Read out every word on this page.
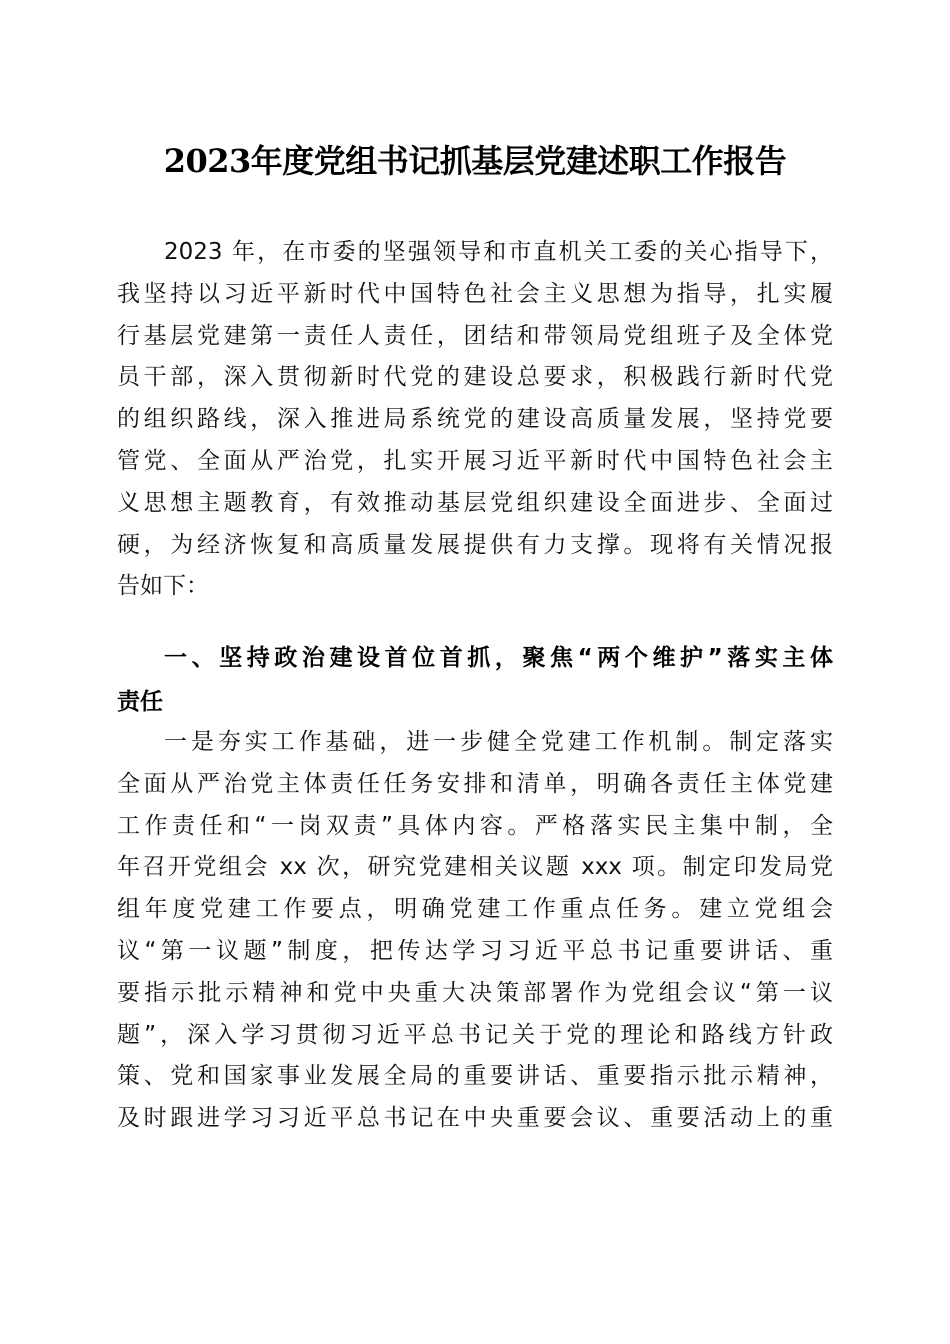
2023年度党组书记抓基层党建述职工作报告
2023 年，在市委的坚强领导和市直机关工委的关心指导下，
我坚持以习近平新时代中国特色社会主义思想为指导，扎实履
行基层党建第一责任人责任，团结和带领局党组班子及全体党
员干部，深入贯彻新时代党的建设总要求，积极践行新时代党
的组织路线，深入推进局系统党的建设高质量发展，坚持党要
管党、全面从严治党，扎实开展习近平新时代中国特色社会主
义思想主题教育，有效推动基层党组织建设全面进步、全面过
硬，为经济恢复和高质量发展提供有力支撑。现将有关情况报
告如下：
一、坚持政治建设首位首抓，聚焦“两个维护”落实主体
责任
一是夯实工作基础，进一步健全党建工作机制。制定落实
全面从严治党主体责任任务安排和清单，明确各责任主体党建
工作责任和“一岗双责”具体内容。严格落实民主集中制，全
年召开党组会 xx 次，研究党建相关议题 xxx 项。制定印发局党
组年度党建工作要点，明确党建工作重点任务。建立党组会
议“第一议题”制度，把传达学习习近平总书记重要讲话、重
要指示批示精神和党中央重大决策部署作为党组会议“第一议
题”，深入学习贯彻习近平总书记关于党的理论和路线方针政
策、党和国家事业发展全局的重要讲话、重要指示批示精神，
及时跟进学习习近平总书记在中央重要会议、重要活动上的重
